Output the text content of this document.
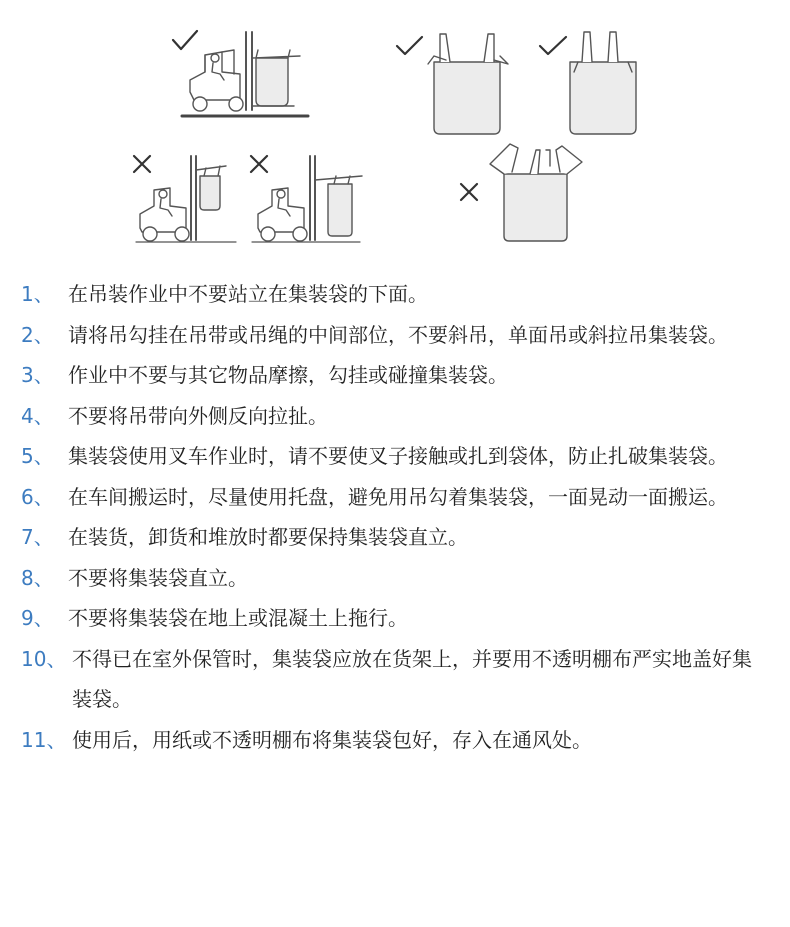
1、 在吊装作业中不要站立在集装袋的下面。
2、 请将吊勾挂在吊带或吊绳的中间部位，不要斜吊，单面吊或斜拉吊集装袋。
3、 作业中不要与其它物品摩擦，勾挂或碰撞集装袋。
4、 不要将吊带向外侧反向拉扯。
5、 集装袋使用叉车作业时，请不要使叉子接触或扎到袋体，防止扎破集装袋。
6、 在车间搬运时，尽量使用托盘，避免用吊勾着集装袋，一面晃动一面搬运。
7、 在装货，卸货和堆放时都要保持集装袋直立。
8、 不要将集装袋直立。
9、 不要将集装袋在地上或混凝土上拖行。
10、 不得已在室外保管时，集装袋应放在货架上，并要用不透明棚布严实地盖好集装袋。
11、 使用后，用纸或不透明棚布将集装袋包好，存入在通风处。
